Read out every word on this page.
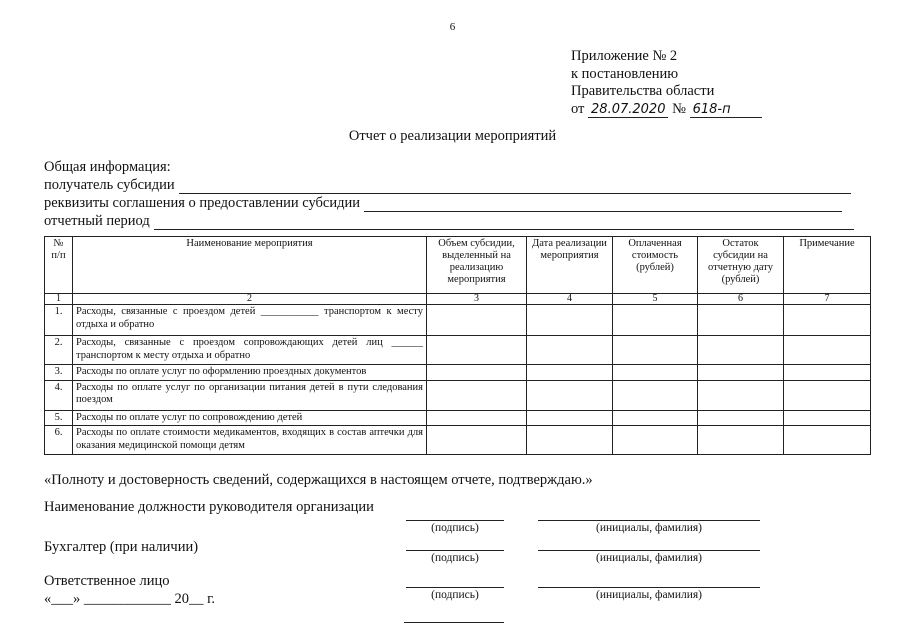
6
Приложение № 2
к постановлению
Правительства области
от 28.07.2020 № 618-п
Отчет о реализации мероприятий
Общая информация:
получатель субсидии
реквизиты соглашения о предоставлении субсидии
отчетный период
№ п/п	Наименование мероприятия	Объем субсидии, выделенный на реализацию мероприятия	Дата реализации мероприятия	Оплаченная стоимость (рублей)	Остаток субсидии на отчетную дату (рублей)	Примечание
1	2	3	4	5	6	7
1.	Расходы, связанные с проездом детей ___________ транспортом к месту отдыха и обратно					
2.	Расходы, связанные с проездом сопровождающих детей лиц ______ транспортом к месту отдыха и обратно					
3.	Расходы по оплате услуг по оформлению проездных документов					
4.	Расходы по оплате услуг по организации питания детей в пути следования поездом					
5.	Расходы по оплате услуг по сопровождению детей					
6.	Расходы по оплате стоимости медикаментов, входящих в состав аптечки для оказания медицинской помощи детям					
«Полноту и достоверность сведений, содержащихся в настоящем отчете, подтверждаю.»
Наименование должности руководителя организации
(подпись)	(инициалы, фамилия)
Бухгалтер (при наличии)
(подпись)	(инициалы, фамилия)
Ответственное лицо
(подпись)	(инициалы, фамилия)
«___» ____________ 20__ г.
